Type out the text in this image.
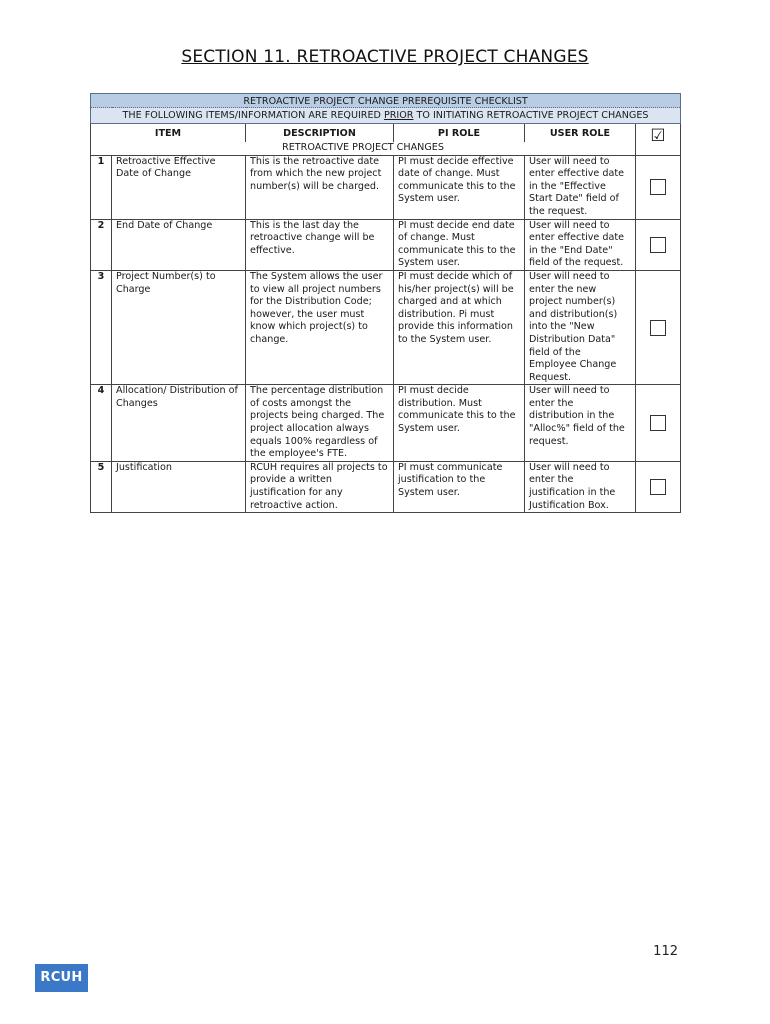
SECTION 11. RETROACTIVE PROJECT CHANGES
RETROACTIVE PROJECT CHANGE PREREQUISITE CHECKLIST					
THE FOLLOWING ITEMS/INFORMATION ARE REQUIRED PRIOR TO INITIATING RETROACTIVE PROJECT CHANGES					
ITEM		DESCRIPTION	PI ROLE	USER ROLE	☑
RETROACTIVE PROJECT CHANGES					
1	Retroactive Effective Date of Change	This is the retroactive date from which the new project number(s) will be charged.	PI must decide effective date of change. Must communicate this to the System user.	User will need to enter effective date in the "Effective Start Date" field of the request.	
2	End Date of Change	This is the last day the retroactive change will be effective.	PI must decide end date of change. Must communicate this to the System user.	User will need to enter effective date in the "End Date" field of the request.	
3	Project Number(s) to Charge	The System allows the user to view all project numbers for the Distribution Code; however, the user must know which project(s) to change.	PI must decide which of his/her project(s) will be charged and at which distribution. Pi must provide this information to the System user.	User will need to enter the new project number(s) and distribution(s) into the "New Distribution Data" field of the Employee Change Request.	
4	Allocation/ Distribution of Changes	The percentage distribution of costs amongst the projects being charged. The project allocation always equals 100% regardless of the employee's FTE.	PI must decide distribution. Must communicate this to the System user.	User will need to enter the distribution in the "Alloc%" field of the request.	
5	Justification	RCUH requires all projects to provide a written justification for any retroactive action.	PI must communicate justification to the System user.	User will need to enter the justification in the Justification Box.	
112
RCUH
